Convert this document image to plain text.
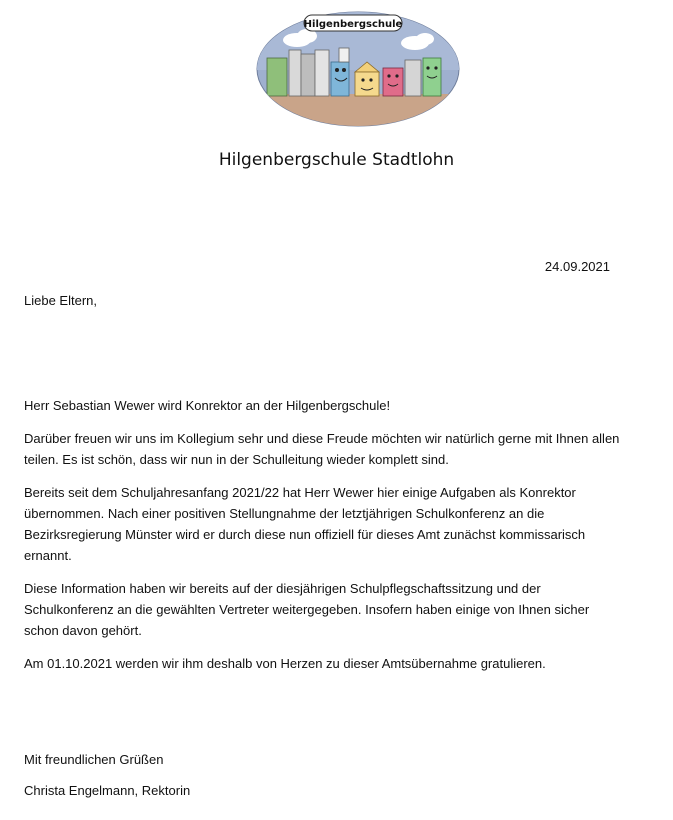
Hilgenbergschule
Hilgenbergschule Stadtlohn
24.09.2021
Liebe Eltern,

Herr Sebastian Wewer wird Konrektor an der Hilgenbergschule!

Darüber freuen wir uns im Kollegium sehr und diese Freude möchten wir natürlich gerne mit Ihnen allen teilen. Es ist schön, dass wir nun in der Schulleitung wieder komplett sind.

Bereits seit dem Schuljahresanfang 2021/22 hat Herr Wewer hier einige Aufgaben als Konrektor übernommen. Nach einer positiven Stellungnahme der letztjährigen Schulkonferenz an die Bezirksregierung Münster wird er durch diese nun offiziell für dieses Amt zunächst kommissarisch ernannt.

Diese Information haben wir bereits auf der diesjährigen Schulpflegschaftssitzung und der Schulkonferenz an die gewählten Vertreter weitergegeben. Insofern haben einige von Ihnen sicher schon davon gehört.

Am 01.10.2021 werden wir ihm deshalb von Herzen zu dieser Amtsübernahme gratulieren.

Mit freundlichen Grüßen
Christa Engelmann, Rektorin
